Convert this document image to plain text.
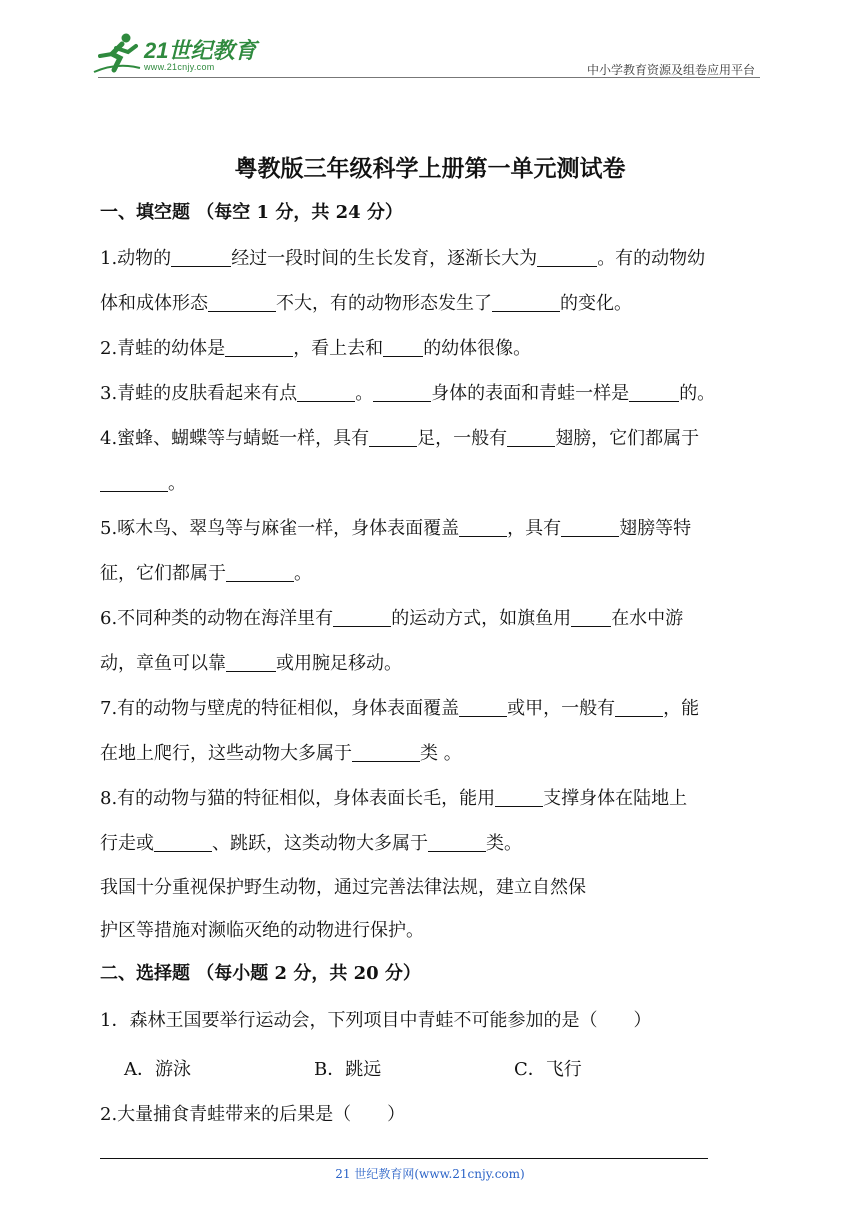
21世纪教育
www.21cnjy.com	中小学教育资源及组卷应用平台
粤教版三年级科学上册第一单元测试卷
一、填空题 （每空 1 分，共 24 分）
1.动物的	经过一段时间的生长发育，逐渐长大为	。有的动物幼
体和成体形态	不大，有的动物形态发生了	的变化。
2.青蛙的幼体是	，看上去和 的幼体很像。
3.青蛙的皮肤看起来有点	。	身体的表面和青蛙一样是	的。
4.蜜蜂、蝴蝶等与蜻蜓一样，具有	足，一般有	翅膀，它们都属于
。
5.啄木鸟、翠鸟等与麻雀一样，身体表面覆盖	，具有	翅膀等特
征，它们都属于	。
6.不同种类的动物在海洋里有	的运动方式，如旗鱼用 在水中游
动，章鱼可以靠	或用腕足移动。
7.有的动物与壁虎的特征相似，身体表面覆盖	或甲，一般有	，能
在地上爬行，这些动物大多属于	类 。
8.有的动物与猫的特征相似，身体表面长毛，能用	支撑身体在陆地上
行走或	、跳跃，这类动物大多属于	类。
我国十分重视保护野生动物，通过完善法律法规，建立自然保
护区等措施对濒临灭绝的动物进行保护。
二、选择题 （每小题 2 分，共 20 分）
1．森林王国要举行运动会，下列项目中青蛙不可能参加的是（　　）
A．游泳	B．跳远	C．飞行
2.大量捕食青蛙带来的后果是（　　）
21 世纪教育网(www.21cnjy.com)
